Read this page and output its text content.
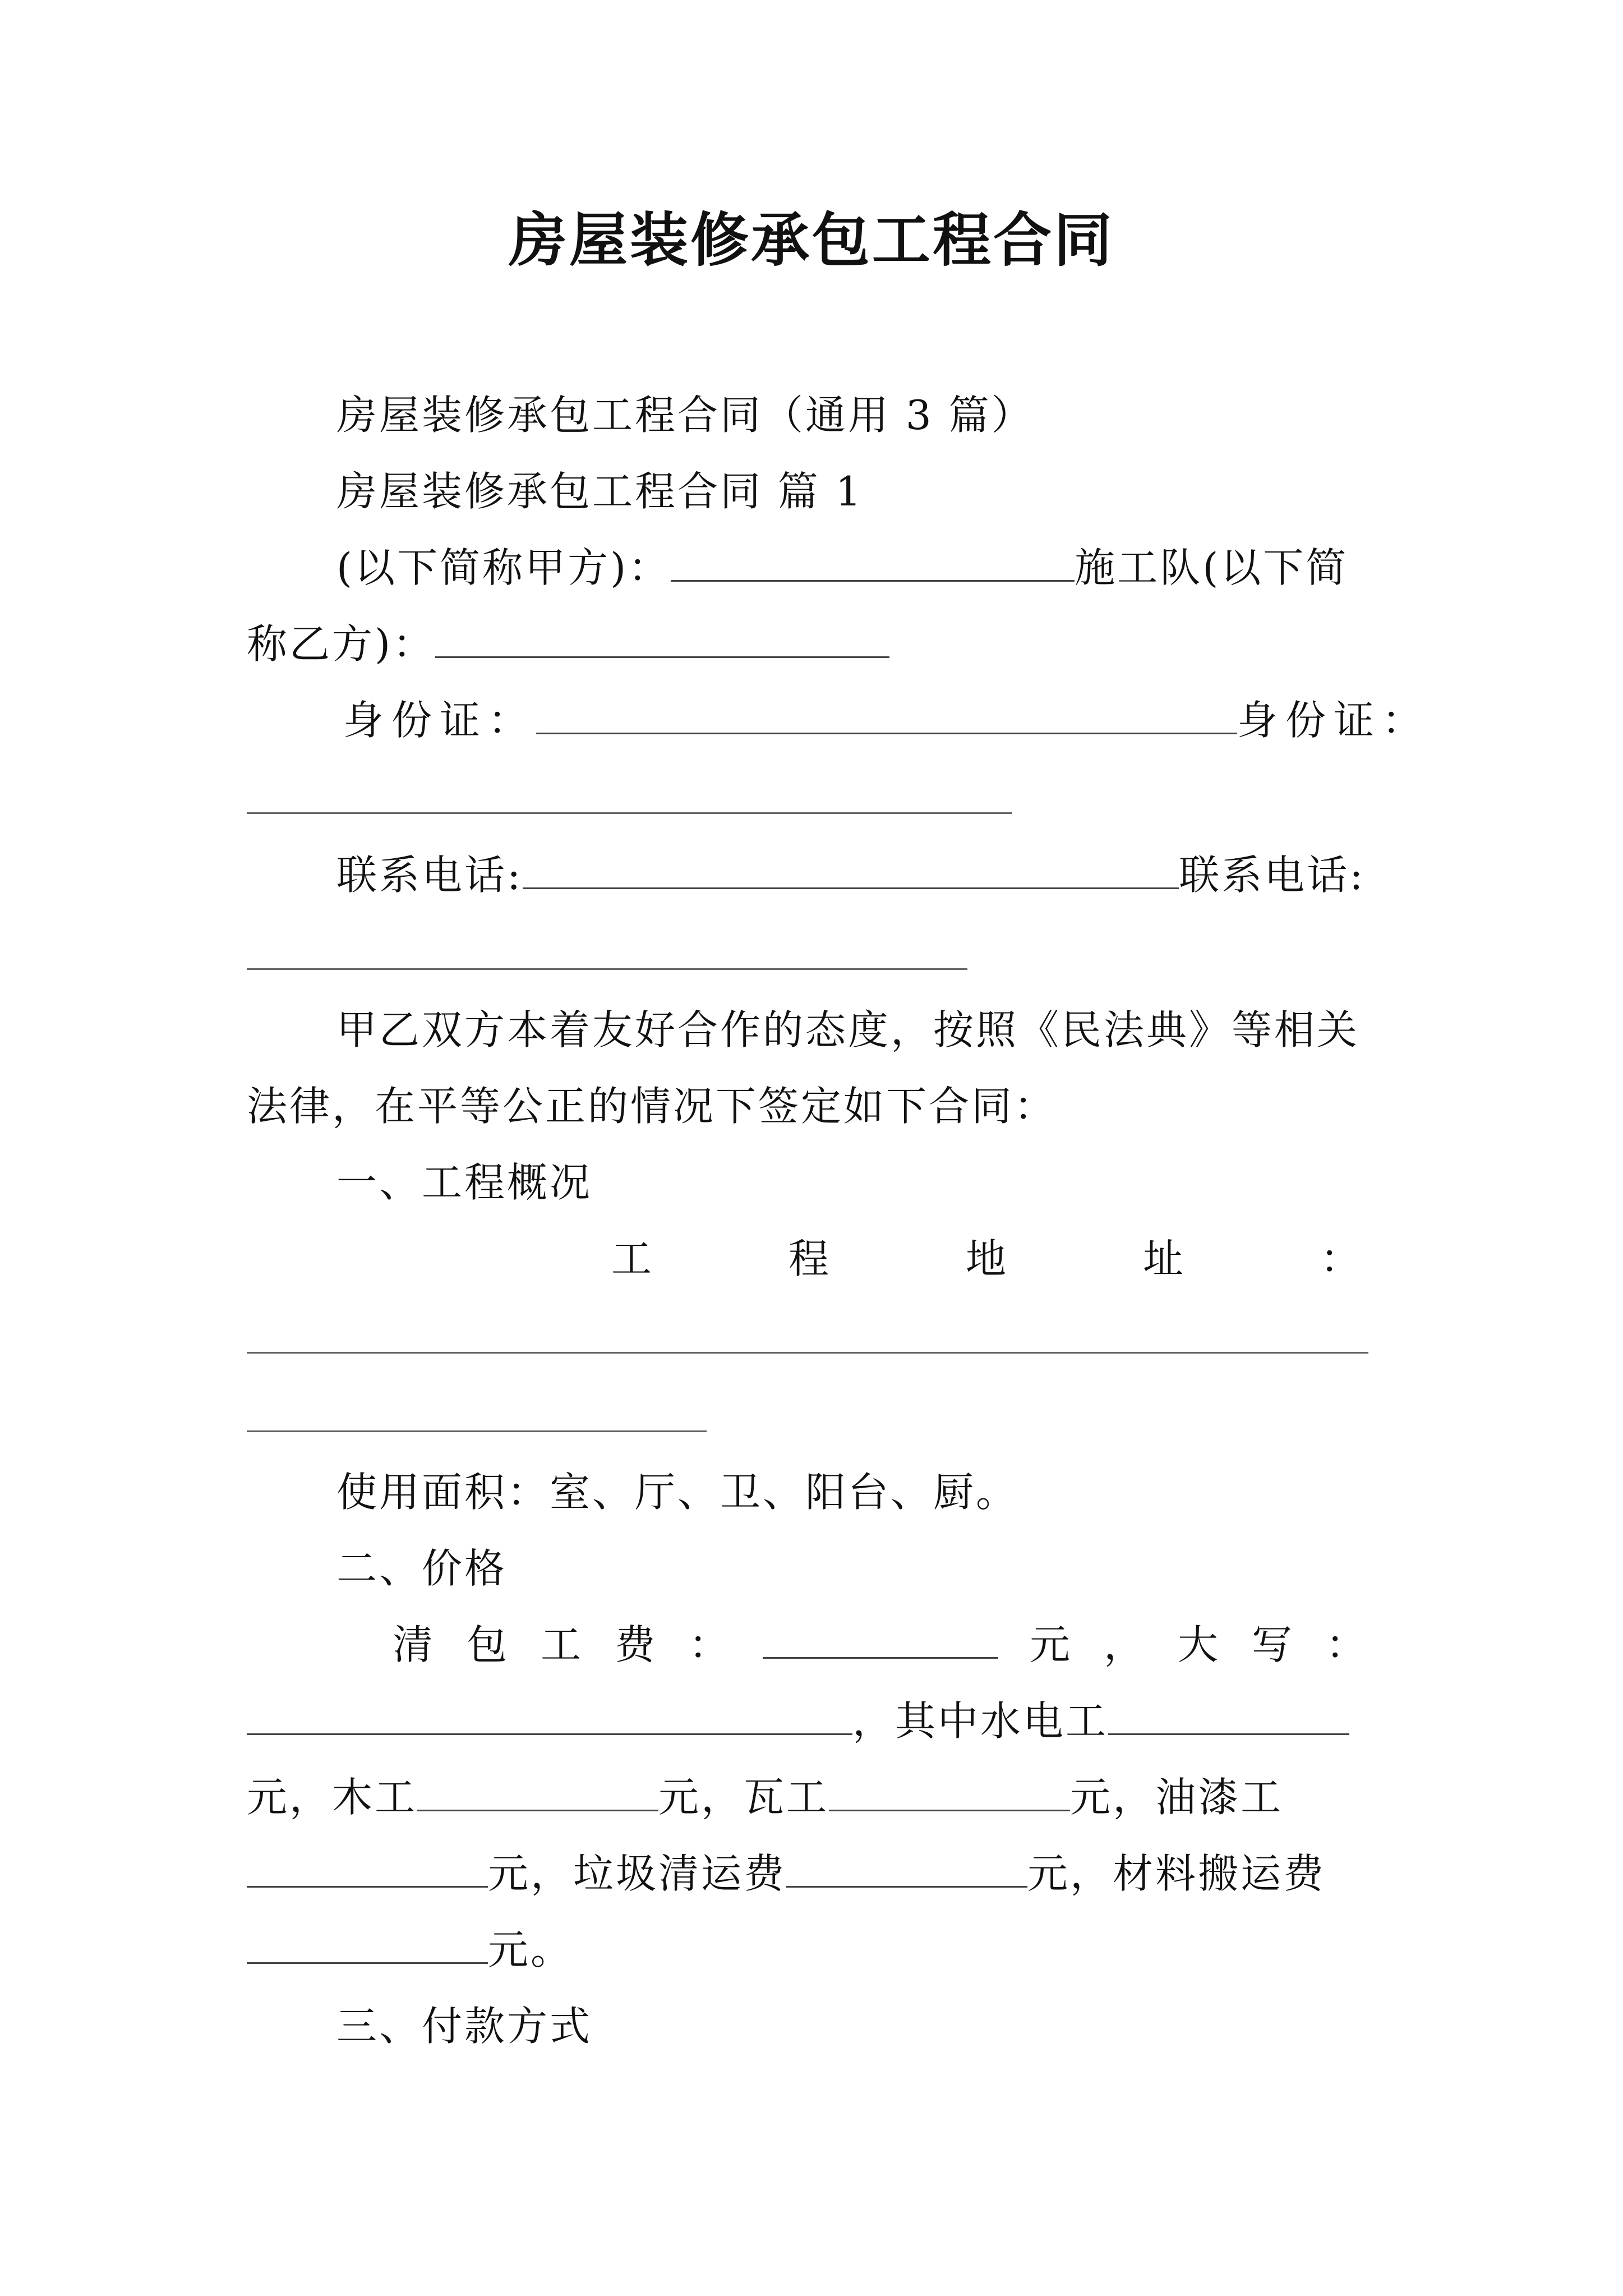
房屋装修承包工程合同
房屋装修承包工程合同（通用 3 篇）
房屋装修承包工程合同 篇 1
(以下简称甲方)：	施工队(以下简
称乙方)：
身份证：	身份证：
联系电话:	联系电话:
甲乙双方本着友好合作的态度，按照《民法典》等相关
法律，在平等公正的情况下签定如下合同：
一、工程概况
工	程	地	址	：
使用面积：室、厅、卫、阳台、厨。
二、价格
清 包 工 费 ：	元 ， 大 写 ：
，其中水电工
元，木工	元，瓦工	元，油漆工
元，垃圾清运费	元，材料搬运费
元。
三、付款方式
